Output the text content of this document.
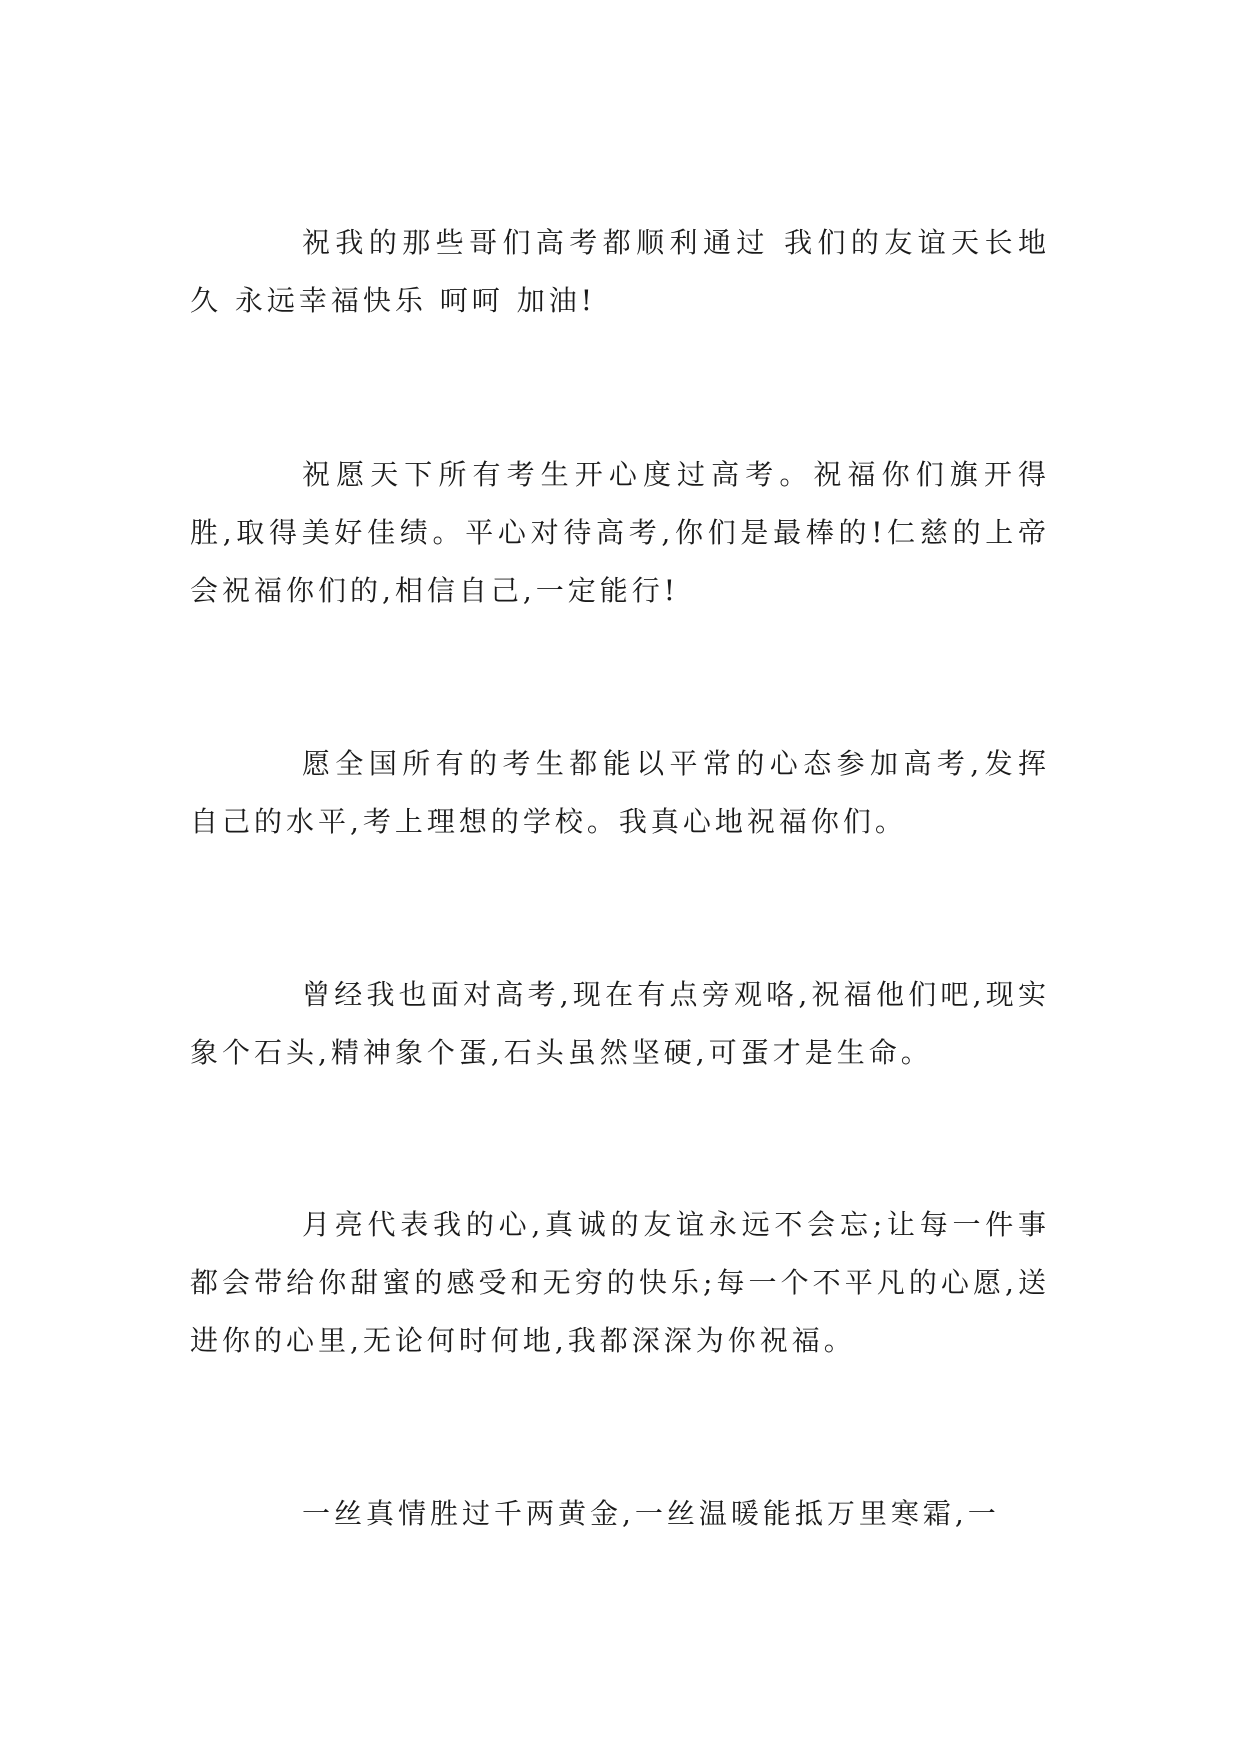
祝我的那些哥们高考都顺利通过 我们的友谊天长地久 永远幸福快乐 呵呵 加油!

祝愿天下所有考生开心度过高考。祝福你们旗开得胜,取得美好佳绩。平心对待高考,你们是最棒的!仁慈的上帝会祝福你们的,相信自己,一定能行!

愿全国所有的考生都能以平常的心态参加高考,发挥自己的水平,考上理想的学校。我真心地祝福你们。

曾经我也面对高考,现在有点旁观咯,祝福他们吧,现实象个石头,精神象个蛋,石头虽然坚硬,可蛋才是生命。

月亮代表我的心,真诚的友谊永远不会忘;让每一件事都会带给你甜蜜的感受和无穷的快乐;每一个不平凡的心愿,送进你的心里,无论何时何地,我都深深为你祝福。

一丝真情胜过千两黄金,一丝温暖能抵万里寒霜,一
